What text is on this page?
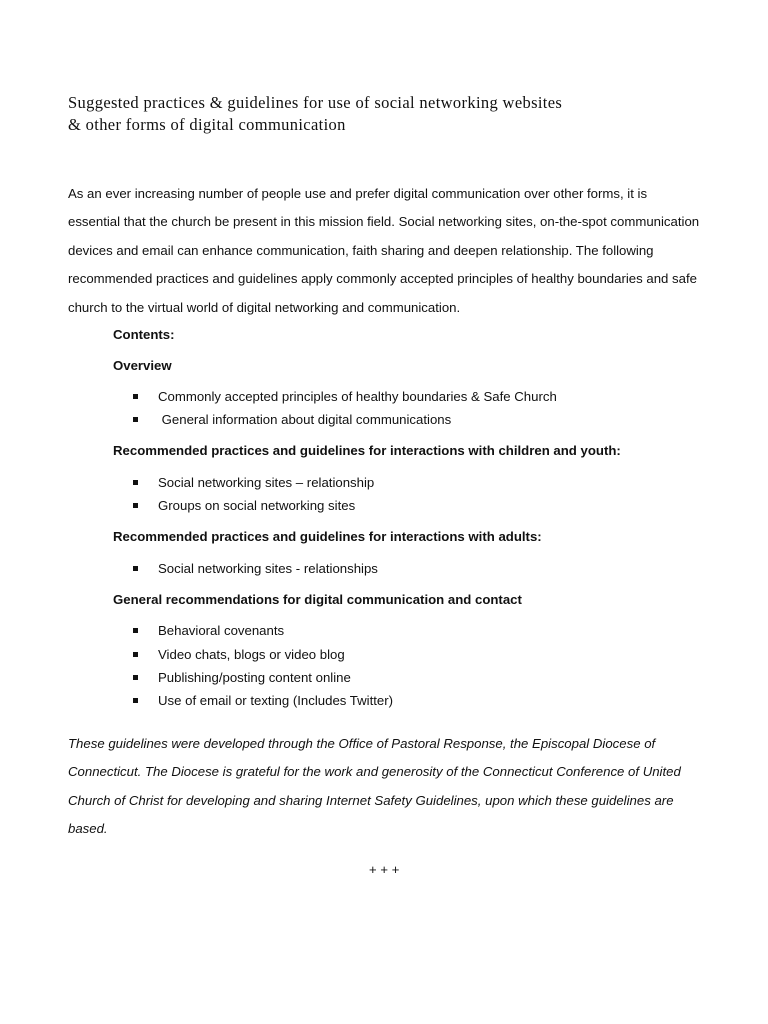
Suggested practices & guidelines for use of social networking websites
& other forms of digital communication

As an ever increasing number of people use and prefer digital communication over other forms, it is
essential that the church be present in this mission field. Social networking sites, on-the-spot communication
devices and email can enhance communication, faith sharing and deepen relationship. The following
recommended practices and guidelines apply commonly accepted principles of healthy boundaries and safe
church to the virtual world of digital networking and communication.

Contents:
Overview
Commonly accepted principles of healthy boundaries & Safe Church
General information about digital communications
Recommended practices and guidelines for interactions with children and youth:
Social networking sites – relationship
Groups on social networking sites
Recommended practices and guidelines for interactions with adults:
Social networking sites - relationships
General recommendations for digital communication and contact
Behavioral covenants
Video chats, blogs or video blog
Publishing/posting content online
Use of email or texting (Includes Twitter)

These guidelines were developed through the Office of Pastoral Response, the Episcopal Diocese of
Connecticut. The Diocese is grateful for the work and generosity of the Connecticut Conference of United
Church of Christ for developing and sharing Internet Safety Guidelines, upon which these guidelines are
based.

+ + +
